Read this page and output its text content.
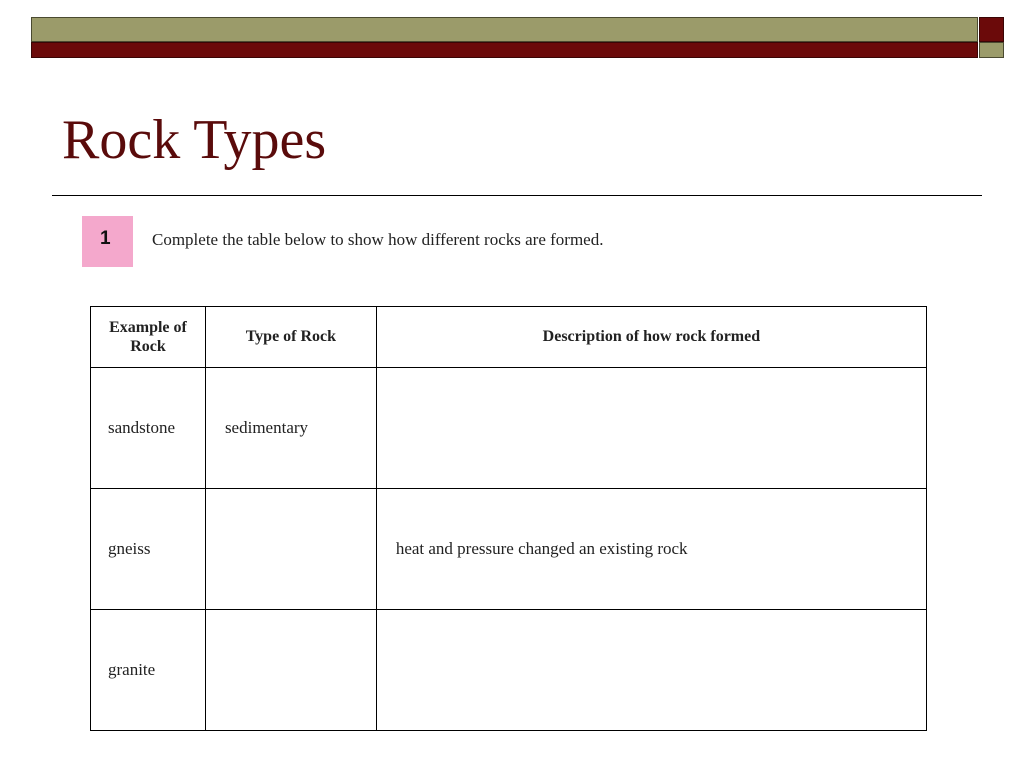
Rock Types
1	Complete the table below to show how different rocks are formed.
Example of Rock	Type of Rock	Description of how rock formed
sandstone	sedimentary	
gneiss		heat and pressure changed an existing rock
granite		
